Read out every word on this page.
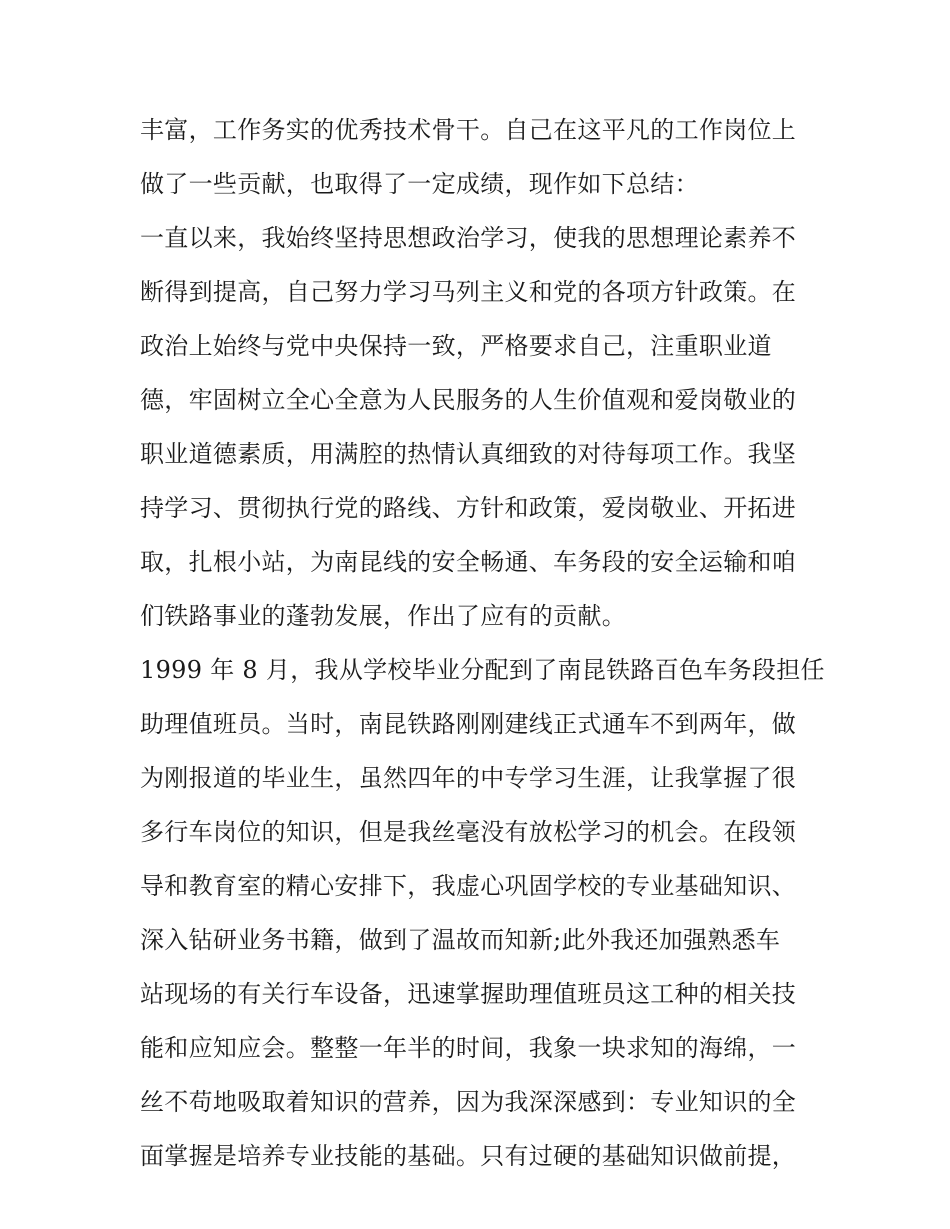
丰富，工作务实的优秀技术骨干。自己在这平凡的工作岗位上
做了一些贡献，也取得了一定成绩，现作如下总结：
一直以来，我始终坚持思想政治学习，使我的思想理论素养不
断得到提高，自己努力学习马列主义和党的各项方针政策。在
政治上始终与党中央保持一致，严格要求自己，注重职业道
德，牢固树立全心全意为人民服务的人生价值观和爱岗敬业的
职业道德素质，用满腔的热情认真细致的对待每项工作。我坚
持学习、贯彻执行党的路线、方针和政策，爱岗敬业、开拓进
取，扎根小站，为南昆线的安全畅通、车务段的安全运输和咱
们铁路事业的蓬勃发展，作出了应有的贡献。
1999 年 8 月，我从学校毕业分配到了南昆铁路百色车务段担任
助理值班员。当时，南昆铁路刚刚建线正式通车不到两年，做
为刚报道的毕业生，虽然四年的中专学习生涯，让我掌握了很
多行车岗位的知识，但是我丝毫没有放松学习的机会。在段领
导和教育室的精心安排下，我虚心巩固学校的专业基础知识、
深入钻研业务书籍，做到了温故而知新;此外我还加强熟悉车
站现场的有关行车设备，迅速掌握助理值班员这工种的相关技
能和应知应会。整整一年半的时间，我象一块求知的海绵，一
丝不苟地吸取着知识的营养，因为我深深感到：专业知识的全
面掌握是培养专业技能的基础。只有过硬的基础知识做前提，
